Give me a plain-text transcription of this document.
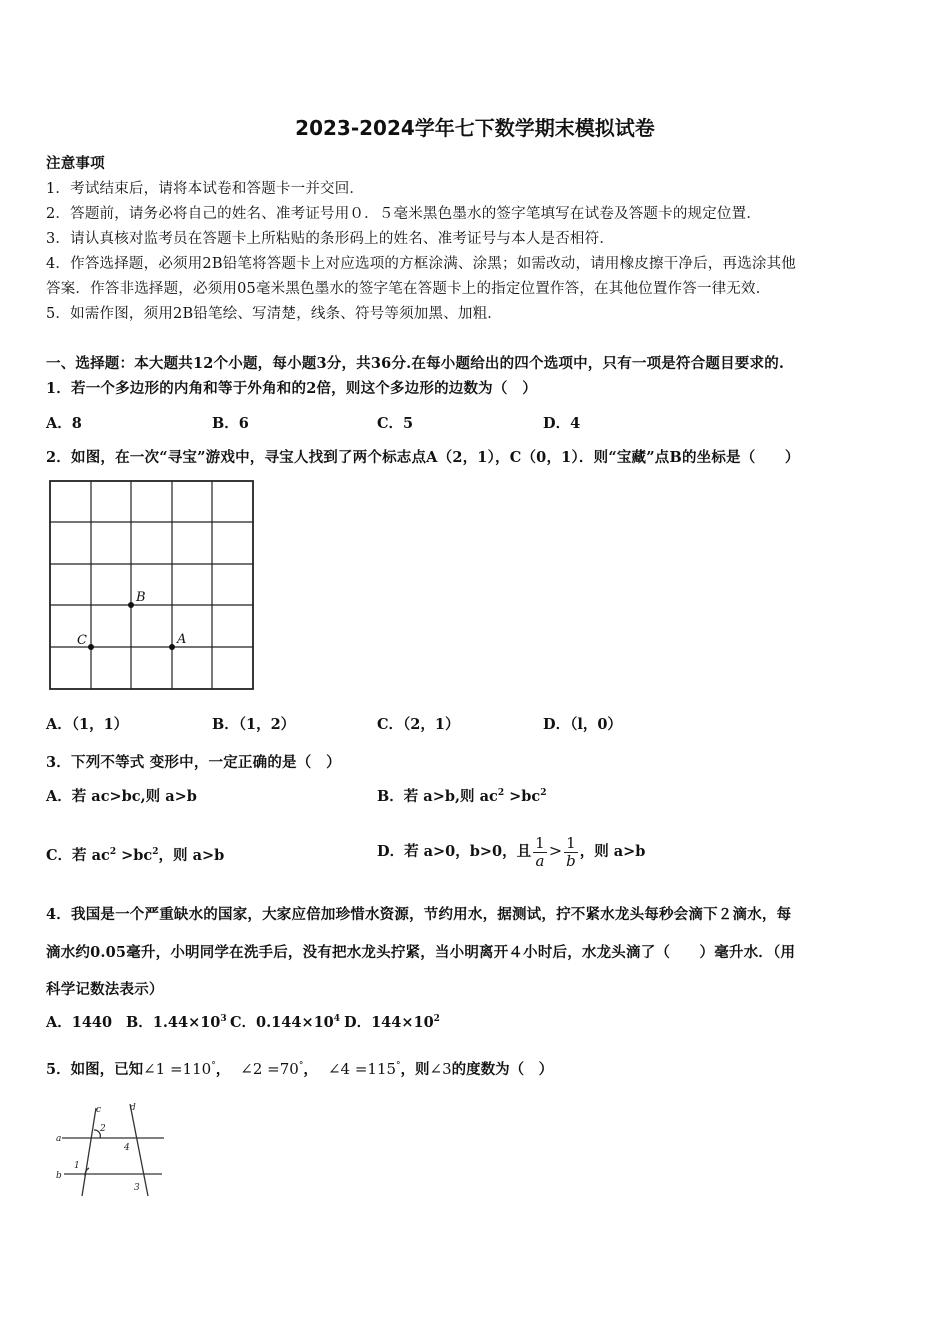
2023-2024学年七下数学期末模拟试卷
注意事项
1．考试结束后，请将本试卷和答题卡一并交回．
2．答题前，请务必将自己的姓名、准考证号用０．５毫米黑色墨水的签字笔填写在试卷及答题卡的规定位置．
3．请认真核对监考员在答题卡上所粘贴的条形码上的姓名、准考证号与本人是否相符．
4．作答选择题，必须用2B铅笔将答题卡上对应选项的方框涂满、涂黑；如需改动，请用橡皮擦干净后，再选涂其他
答案．作答非选择题，必须用05毫米黑色墨水的签字笔在答题卡上的指定位置作答，在其他位置作答一律无效．
5．如需作图，须用2B铅笔绘、写清楚，线条、符号等须加黑、加粗．
一、选择题：本大题共12个小题，每小题3分，共36分.在每小题给出的四个选项中，只有一项是符合题目要求的.
1．若一个多边形的内角和等于外角和的2倍，则这个多边形的边数为（　）
A．8	B．6	C．5	D．4
2．如图，在一次“寻宝”游戏中，寻宝人找到了两个标志点A（2，1），C（0，1）．则“宝藏”点B的坐标是（　　）
B
C	A
A．（1，1）	B．（1，2）	C．（2，1）	D．（l，0）
3．下列不等式 变形中，一定正确的是（　）
A．若 ac>bc,则 a>b	B．若 a>b,则 $ac^2 >bc^2$
C．若 $ac^2 >bc^2$，则 a>b	D．若 a>0，b>0，且 $\frac{1}{a} > \frac{1}{b}$ ，则 a>b
4．我国是一个严重缺水的国家，大家应倍加珍惜水资源，节约用水，据测试，拧不紧水龙头每秒会滴下２滴水，每
滴水约0.05毫升，小明同学在洗手后，没有把水龙头拧紧，当小明离开４小时后，水龙头滴了（　　）毫升水．（用
科学记数法表示）
A．1440 B．$1.44\times 10^3$ C．$0.144\times 10^4$ D．$144\times 10^2$
5．如图，已知∠1 =110°， ∠2 =70°， ∠4 =115°，则∠3的度数为（　）
c	d
a
b
1
2
4
3
